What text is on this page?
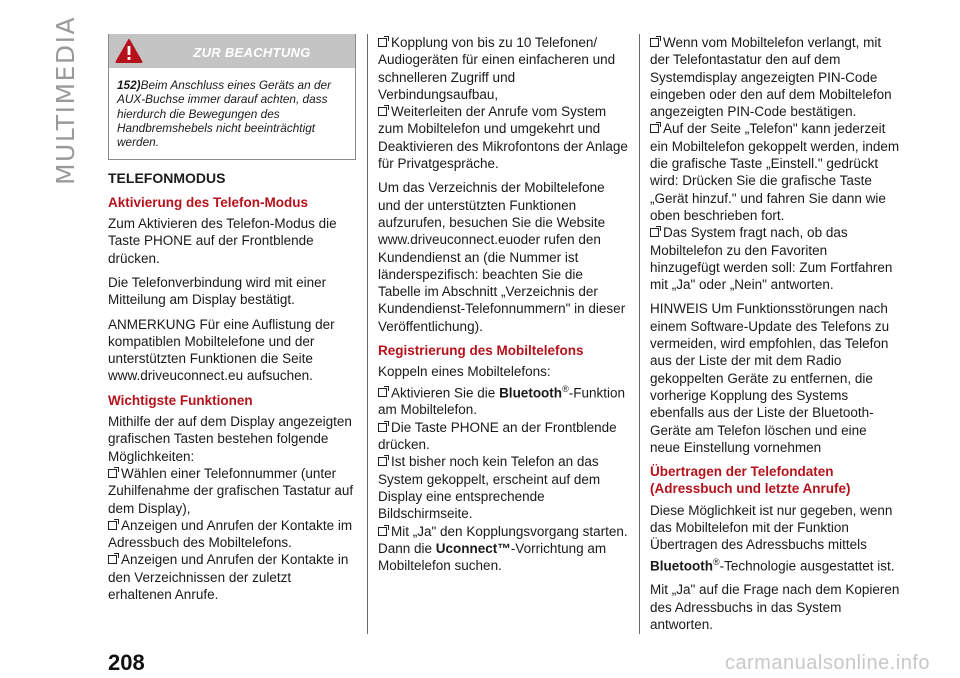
MULTIMEDIA	ZUR BEACHTUNG
152)Beim Anschluss eines Geräts an der AUX-Buchse immer darauf achten, dass hierdurch die Bewegungen des Handbremshebels nicht beeinträchtigt werden.
TELEFONMODUS
Aktivierung des Telefon-Modus

Zum Aktivieren des Telefon-Modus die Taste PHONE auf der Frontblende drücken.

Die Telefonverbindung wird mit einer Mitteilung am Display bestätigt.

ANMERKUNG Für eine Auflistung der kompatiblen Mobiltelefone und der unterstützten Funktionen die Seite www.driveuconnect.eu aufsuchen.

Wichtigste Funktionen

Mithilfe der auf dem Display angezeigten grafischen Tasten bestehen folgende Möglichkeiten:

Wählen einer Telefonnummer (unter Zuhilfenahme der grafischen Tastatur auf dem Display),

Anzeigen und Anrufen der Kontakte im Adressbuch des Mobiltelefons.

Anzeigen und Anrufen der Kontakte in den Verzeichnissen der zuletzt erhaltenen Anrufe.

Kopplung von bis zu 10 Telefonen/ Audiogeräten für einen einfacheren und schnelleren Zugriff und Verbindungsaufbau,

Weiterleiten der Anrufe vom System zum Mobiltelefon und umgekehrt und Deaktivieren des Mikrofontons der Anlage für Privatgespräche.

Um das Verzeichnis der Mobiltelefone und der unterstützten Funktionen aufzurufen, besuchen Sie die Website www.driveuconnect.euoder rufen den Kundendienst an (die Nummer ist länderspezifisch: beachten Sie die Tabelle im Abschnitt „Verzeichnis der Kundendienst-Telefonnummern" in dieser Veröffentlichung).

Registrierung des Mobiltelefons

Koppeln eines Mobiltelefons:

Aktivieren Sie die Bluetooth®-Funktion am Mobiltelefon.

Die Taste PHONE an der Frontblende drücken.

Ist bisher noch kein Telefon an das System gekoppelt, erscheint auf dem Display eine entsprechende Bildschirmseite.

Mit „Ja" den Kopplungsvorgang starten. Dann die Uconnect™-Vorrichtung am Mobiltelefon suchen.

Wenn vom Mobiltelefon verlangt, mit der Telefontastatur den auf dem Systemdisplay angezeigten PIN-Code eingeben oder den auf dem Mobiltelefon angezeigten PIN-Code bestätigen.

Auf der Seite „Telefon" kann jederzeit ein Mobiltelefon gekoppelt werden, indem die grafische Taste „Einstell." gedrückt wird: Drücken Sie die grafische Taste „Gerät hinzuf." und fahren Sie dann wie oben beschrieben fort.

Das System fragt nach, ob das Mobiltelefon zu den Favoriten hinzugefügt werden soll: Zum Fortfahren mit „Ja" oder „Nein" antworten.

HINWEIS Um Funktionsstörungen nach einem Software-Update des Telefons zu vermeiden, wird empfohlen, das Telefon aus der Liste der mit dem Radio gekoppelten Geräte zu entfernen, die vorherige Kopplung des Systems ebenfalls aus der Liste der Bluetooth-Geräte am Telefon löschen und eine neue Einstellung vornehmen

Übertragen der Telefondaten (Adressbuch und letzte Anrufe)

Diese Möglichkeit ist nur gegeben, wenn das Mobiltelefon mit der Funktion Übertragen des Adressbuchs mittels Bluetooth®-Technologie ausgestattet ist.

Mit „Ja" auf die Frage nach dem Kopieren des Adressbuchs in das System antworten.

208	carmanualsonline.info
